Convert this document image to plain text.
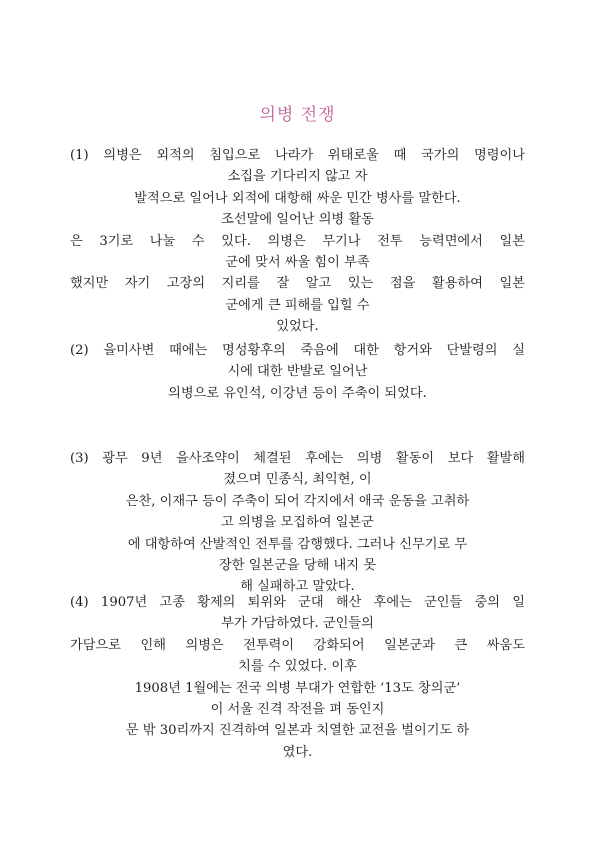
의병 전쟁
(1) 의병은 외적의 침입으로 나라가 위태로울 때 국가의 명령이나
소집을 기다리지 않고 자
발적으로 일어나 외적에 대항해 싸운 민간 병사를 말한다.
조선말에 일어난 의병 활동
은 3기로 나눌 수 있다. 의병은 무기나 전투 능력면에서 일본
군에 맞서 싸울 힘이 부족
했지만 자기 고장의 지리를 잘 알고 있는 점을 활용하여 일본
군에게 큰 피해를 입힐 수
있었다.
(2) 을미사변 때에는 명성황후의 죽음에 대한 항거와 단발령의 실
시에 대한 반발로 일어난
의병으로 유인석, 이강년 등이 주축이 되었다.
(3) 광무 9년 을사조약이 체결된 후에는 의병 활동이 보다 활발해
졌으며 민종식, 최익현, 이
은찬, 이재구 등이 주축이 되어 각지에서 애국 운동을 고취하
고 의병을 모집하여 일본군
에 대항하여 산발적인 전투를 감행했다. 그러나 신무기로 무
장한 일본군을 당해 내지 못
해 실패하고 말았다.
(4) 1907년 고종 황제의 퇴위와 군대 해산 후에는 군인들 중의 일
부가 가담하였다. 군인들의
가담으로 인해 의병은 전투력이 강화되어 일본군과 큰 싸움도
치를 수 있었다. 이후
1908년 1월에는 전국 의병 부대가 연합한 ‘13도 창의군’
이 서울 진격 작전을 펴 동인지
문 밖 30리까지 진격하여 일본과 치열한 교전을 벌이기도 하
였다.
